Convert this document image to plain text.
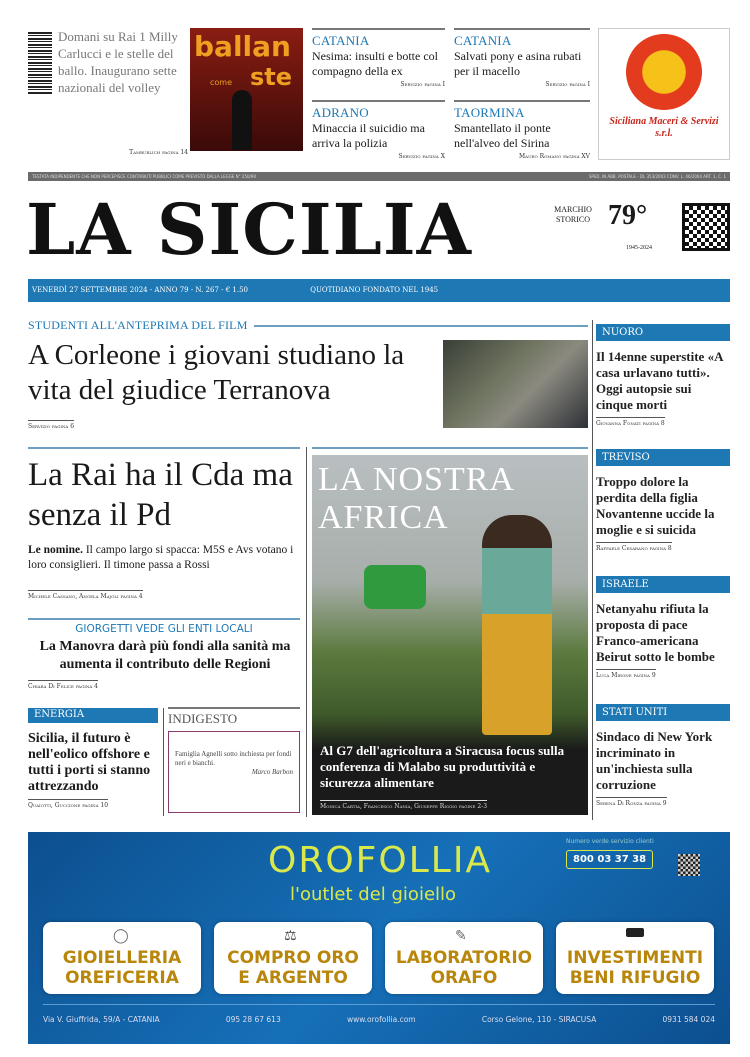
Domani su Rai 1 Milly Carlucci e le stelle del ballo. Inaugurano sette nazionali del volley
Tamburlich pagina 14
ballan
come ste
CATANIA
Nesima: insulti e botte col compagno della ex
Servizio pagina I
CATANIA
Salvati pony e asina rubati per il macello
Servizio pagina I
ADRANO
Minaccia il suicidio ma arriva la polizia
Servizio pagina X
TAORMINA
Smantellato il ponte nell'alveo del Sirina
Mauro Romano pagina XV
Siciliana Maceri & Servizi s.r.l.
TESTATA INDIPENDENTE CHE NON PERCEPISCE CONTRIBUTI PUBBLICI COME PREVISTO DALLA LEGGE N° 250/90	SPED. IN ABB. POSTALE - DL 353/2003 CONV. L. 46/2004 ART. 1, C. 1
LA SICILIA	MARCHIO STORICO 79°
1945-2024
VENERDÌ 27 SETTEMBRE 2024 - ANNO 79 - N. 267 - € 1.50	QUOTIDIANO FONDATO NEL 1945
STUDENTI ALL'ANTEPRIMA DEL FILM
A Corleone i giovani studiano la vita del giudice Terranova
Servizio pagina 6
La Rai ha il Cda ma senza il Pd
Le nomine. Il campo largo si spacca: M5S e Avs votano i loro consiglieri. Il timone passa a Rossi
Michele Cassano, Angela Majoli pagina 4
GIORGETTI VEDE GLI ENTI LOCALI
La Manovra darà più fondi alla sanità ma aumenta il contributo delle Regioni
Chiara Di Felice pagina 4
ENERGIA
Sicilia, il futuro è nell'eolico offshore e tutti i porti si stanno attrezzando
Quaiotti, Guccione pagina 10
INDIGESTO
Famiglia Agnelli sotto inchiesta per fondi neri e bianchi.
Marco Barbon
LA NOSTRA AFRICA
Al G7 dell'agricoltura a Siracusa focus sulla conferenza di Malabo su produttività e sicurezza alimentare
Monica Cartia, Francesco Nania, Giuseppe Riggio pagine 2-3
NUORO
Il 14enne superstite «A casa urlavano tutti». Oggi autopsie sui cinque morti
Giovanna Fonati pagina 8
TREVISO
Troppo dolore la perdita della figlia Novantenne uccide la moglie e si suicida
Raffaele Cesarano pagina 8
ISRAELE
Netanyahu rifiuta la proposta di pace Franco-americana Beirut sotto le bombe
Luca Mirone pagina 9
STATI UNITI
Sindaco di New York incriminato in un'inchiesta sulla corruzione
Serena Di Ronza pagina 9
OROFOLLIA
l'outlet del gioiello
Numero verde servizio clienti
800 03 37 38
◯
GIOIELLERIA
OREFICERIA
⚖
COMPRO ORO
E ARGENTO
✎
LABORATORIO
ORAFO
INVESTIMENTI
BENI RIFUGIO
Via V. Giuffrida, 59/A - CATANIA	095 28 67 613	www.orofollia.com	Corso Gelone, 110 - SIRACUSA	0931 584 024
